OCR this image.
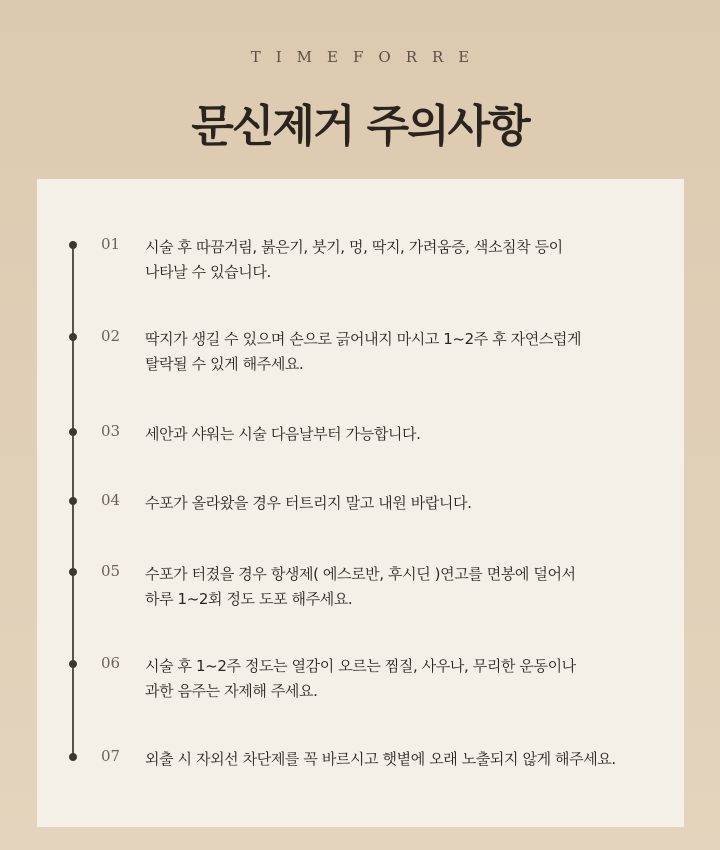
TIMEFORRE
문신제거 주의사항
01 시술 후 따끔거림, 붉은기, 붓기, 멍, 딱지, 가려움증, 색소침착 등이
나타날 수 있습니다.
02 딱지가 생길 수 있으며 손으로 긁어내지 마시고 1~2주 후 자연스럽게
탈락될 수 있게 해주세요.
03 세안과 샤워는 시술 다음날부터 가능합니다.
04 수포가 올라왔을 경우 터트리지 말고 내원 바랍니다.
05 수포가 터졌을 경우 항생제( 에스로반, 후시딘 )연고를 면봉에 덜어서
하루 1~2회 정도 도포 해주세요.
06 시술 후 1~2주 정도는 열감이 오르는 찜질, 사우나, 무리한 운동이나
과한 음주는 자제해 주세요.
07 외출 시 자외선 차단제를 꼭 바르시고 햇볕에 오래 노출되지 않게 해주세요.
